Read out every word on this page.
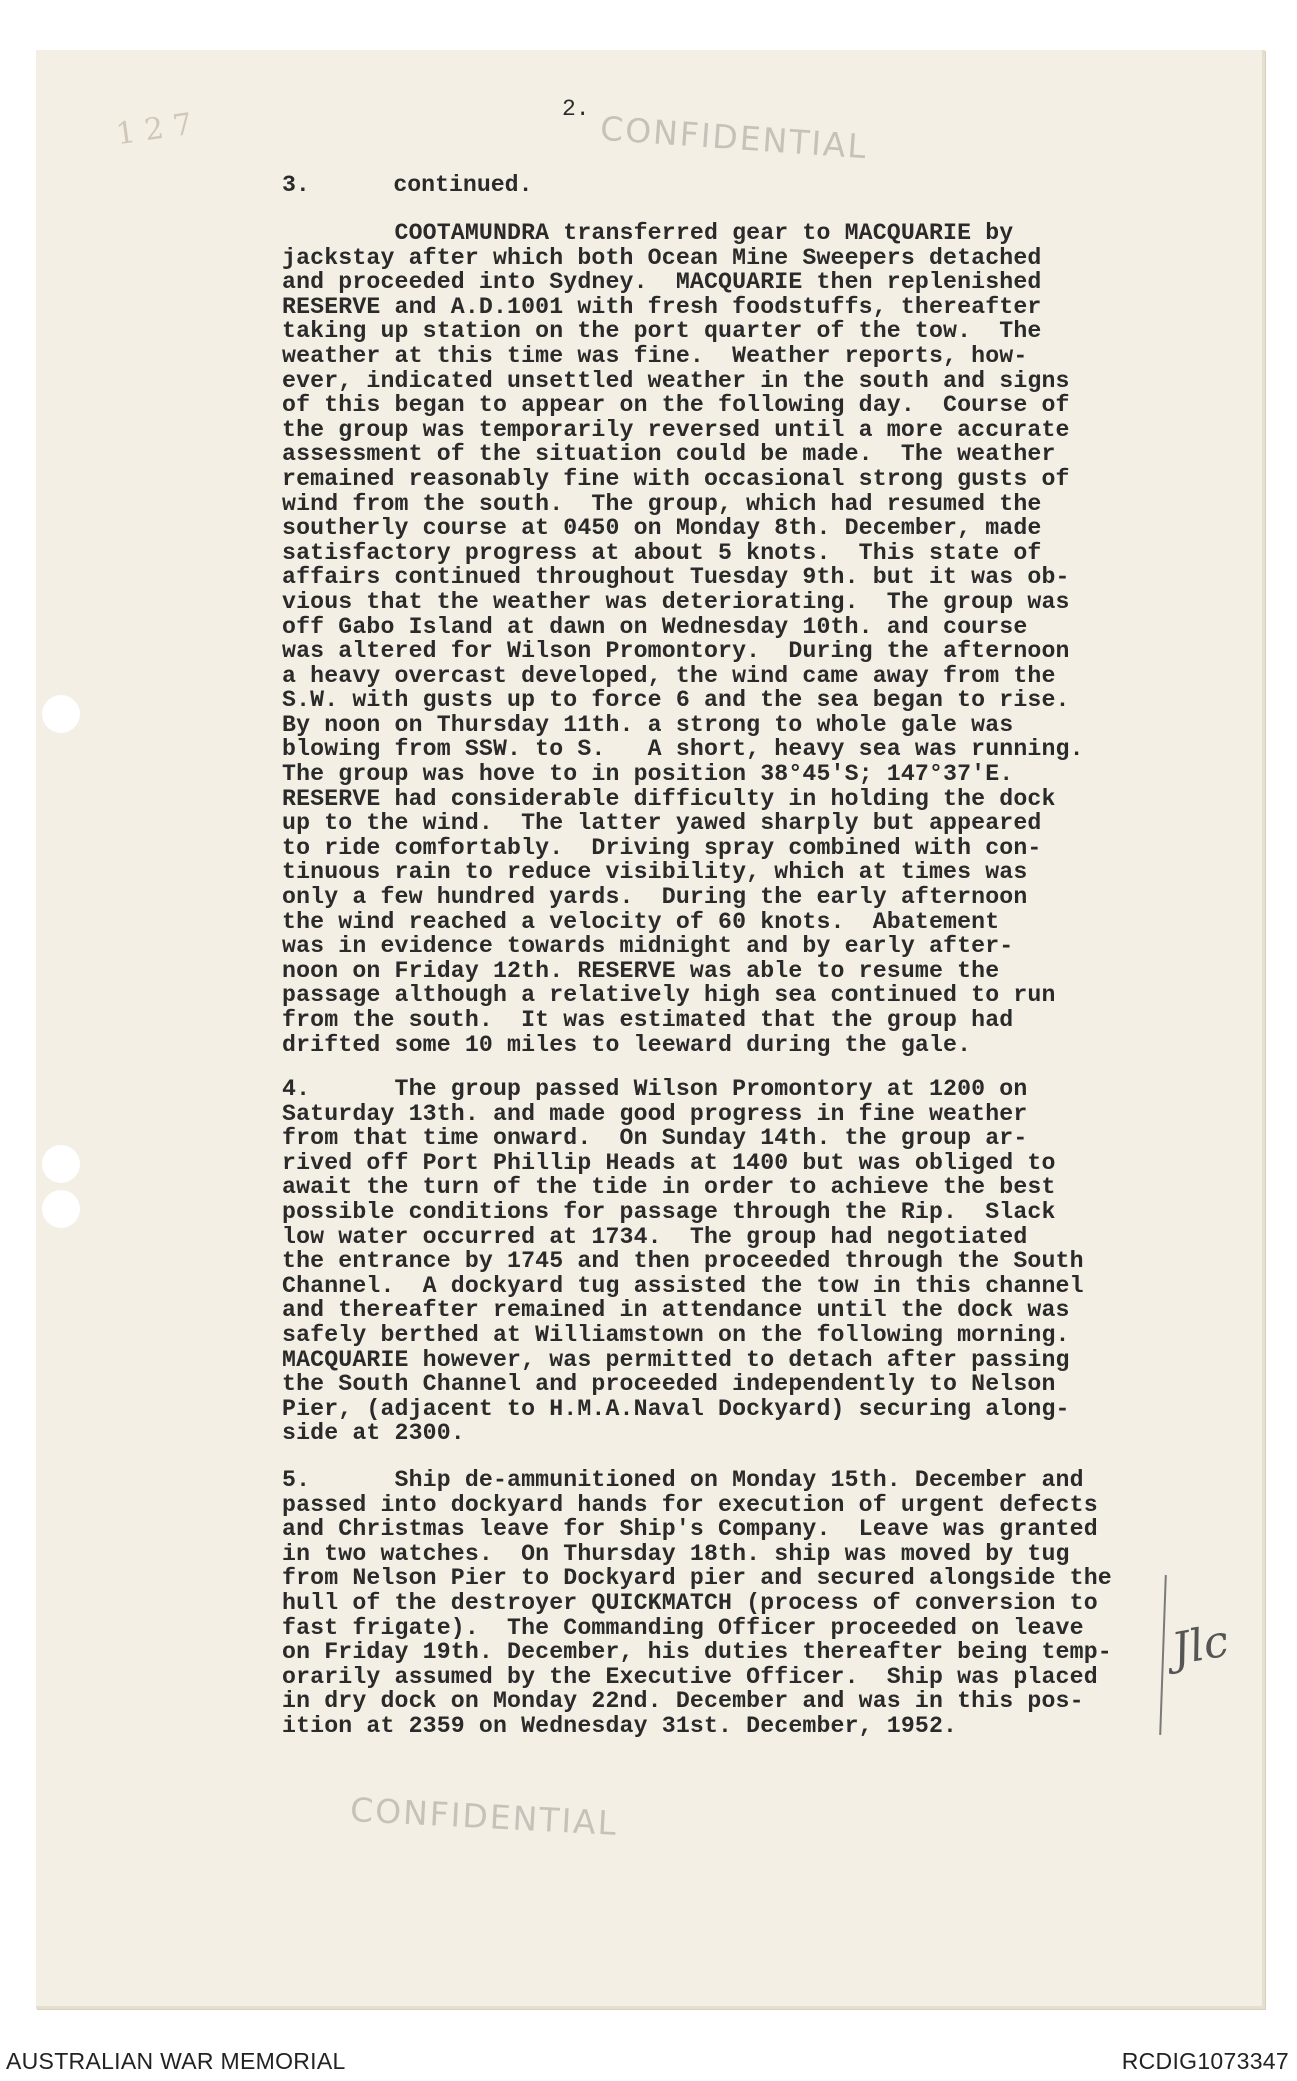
1 2 7	2. CONFIDENTIAL
3.	continued.
COOTAMUNDRA transferred gear to MACQUARIE by
jackstay after which both Ocean Mine Sweepers detached
and proceeded into Sydney.  MACQUARIE then replenished
RESERVE and A.D.1001 with fresh foodstuffs, thereafter
taking up station on the port quarter of the tow.  The
weather at this time was fine.  Weather reports, how-
ever, indicated unsettled weather in the south and signs
of this began to appear on the following day.  Course of
the group was temporarily reversed until a more accurate
assessment of the situation could be made.  The weather
remained reasonably fine with occasional strong gusts of
wind from the south.  The group, which had resumed the
southerly course at 0450 on Monday 8th. December, made
satisfactory progress at about 5 knots.  This state of
affairs continued throughout Tuesday 9th. but it was ob-
vious that the weather was deteriorating.  The group was
off Gabo Island at dawn on Wednesday 10th. and course
was altered for Wilson Promontory.  During the afternoon
a heavy overcast developed, the wind came away from the
S.W. with gusts up to force 6 and the sea began to rise.
By noon on Thursday 11th. a strong to whole gale was
blowing from SSW. to S.   A short, heavy sea was running.
The group was hove to in position 38°45'S; 147°37'E.
RESERVE had considerable difficulty in holding the dock
up to the wind.  The latter yawed sharply but appeared
to ride comfortably.  Driving spray combined with con-
tinuous rain to reduce visibility, which at times was
only a few hundred yards.  During the early afternoon
the wind reached a velocity of 60 knots.  Abatement
was in evidence towards midnight and by early after-
noon on Friday 12th. RESERVE was able to resume the
passage although a relatively high sea continued to run
from the south.  It was estimated that the group had
drifted some 10 miles to leeward during the gale.
4.      The group passed Wilson Promontory at 1200 on
Saturday 13th. and made good progress in fine weather
from that time onward.  On Sunday 14th. the group ar-
rived off Port Phillip Heads at 1400 but was obliged to
await the turn of the tide in order to achieve the best
possible conditions for passage through the Rip.  Slack
low water occurred at 1734.  The group had negotiated
the entrance by 1745 and then proceeded through the South
Channel.  A dockyard tug assisted the tow in this channel
and thereafter remained in attendance until the dock was
safely berthed at Williamstown on the following morning.
MACQUARIE however, was permitted to detach after passing
the South Channel and proceeded independently to Nelson
Pier, (adjacent to H.M.A.Naval Dockyard) securing along-
side at 2300.
5.      Ship de-ammunitioned on Monday 15th. December and
passed into dockyard hands for execution of urgent defects
and Christmas leave for Ship's Company.  Leave was granted
in two watches.  On Thursday 18th. ship was moved by tug
from Nelson Pier to Dockyard pier and secured alongside the
hull of the destroyer QUICKMATCH (process of conversion to
fast frigate).  The Commanding Officer proceeded on leave
on Friday 19th. December, his duties thereafter being temp-
orarily assumed by the Executive Officer.  Ship was placed
in dry dock on Monday 22nd. December and was in this pos-
ition at 2359 on Wednesday 31st. December, 1952.
Jlc
CONFIDENTIAL
AUSTRALIAN WAR MEMORIAL	RCDIG1073347
